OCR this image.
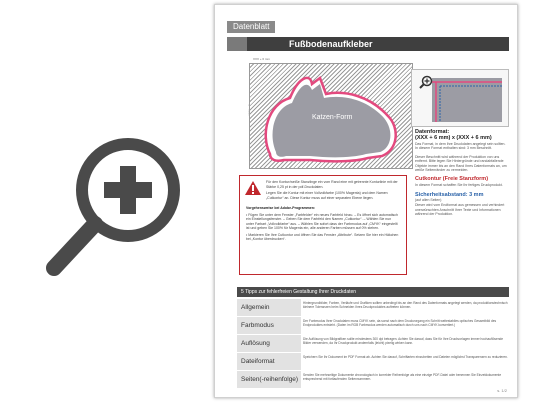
Datenblatt
Fußbodenaufkleber
XXX + 6 mm
Katzen-Form
Datenformat:
(XXX + 6 mm) x (XXX + 6 mm)

Das Format, in dem Ihre Druckdaten angelegt sein sollten. In diesem Format enthalten sind: 3 mm Beschnitt.

Dieser Beschnitt wird während der Produktion von uns entfernt. Bitte legen Sie Hintergründe und randabfallende Objekte immer bis an den Rand Ihres Datenformats an, um weiße Seitenränder zu vermeiden.

Cutkontur (Freie Stanzform)

In diesem Format schaffen Sie Ihr fertiges Druckprodukt.

Sicherheitsabstand: 3 mm

(auf allen Seiten)

Dieser wird vom Endformat aus gemessen und verhindert unerwünschten Anschnitt Ihrer Texte und Informationen während der Produktion.

Für den Kontur/weiße Stanzlinge ein vom Rand eine mit getrennte Konturlinie mit der Stärke 0,25 pt in der pdf-Druckdaten.
Legen Sie die Kontur mit einer Vollvolkfarbe (100% Magenta) und dem Namen „Cutkontur“ an. Diese Kontur muss auf einer separaten Ebene liegen.
Vorgehensweise bei Adobe-Programmen:
• Fügen Sie unter dem Fenster „Farbfelder“ ein neues Farbfeld hinzu. – Es öffnet sich automatisch ein Einstellungsfenster. – Geben Sie dem Farbfeld den Namen „Cutkontur“. – Wählen Sie nun unter Farbart „Vollvolkfarbe“ aus. – Wählen Sie sofort dass der Farbmodus auf „CMYK“ eingestellt ist und geben Sie 100% für Magenta ein, alle anderen Farben müssen auf 0% stehen.
• Markieren Sie Ihre Cutkontur und öffnen Sie das Fenster „Attribute“. Setzen Sie hier ein Häkchen bei „Kontur überdrucken“.
5 Tipps zur fehlerfreien Gestaltung Ihrer Druckdaten
Allgemein
Hintergrundbilder, Farben, Verläufe und Grafiken sollten unbedingt bis an den Rand des Datenformats angelegt werden, da produktionstechnisch kleinere Toleranzen beim Schneiden Ihres Druckproduktes auftreten können.
Farbmodus
Der Farbmodus Ihrer Druckdaten muss CMYK sein, da sonst nach dem Druckvorgang ein Schritt weitestabiles optisches Gesamtbild des Endproduktes entsteht. (Daten im RGB Farbmodus werden automatisch durch uns nach CMYK konvertiert.)
Auflösung
Die Auflösung von Bildgrafiken sollte mindestens 300 dpi betragen. Achten Sie darauf, dass Sie für Ihre Druckvorlagen immer hochauflösende Bilder verwenden, da Ihr Druckprodukt andernfalls (leicht) pixelig wirken kann.
Dateiformat
Speichern Sie Ihr Dokument im PDF Format ab. Achten Sie darauf, Schriftarten einzubetten und Dateien möglichst Transparenzen zu reduzieren.
Seiten(-reihenfolge)
Senden Sie mehrseitige Dokumente chronologisch in korrekter Reihenfolge als eine einzige PDF-Datei oder benennen Sie Einzeldokumente entsprechend mit fortlaufenden Seitennummern.
s. 1/2
